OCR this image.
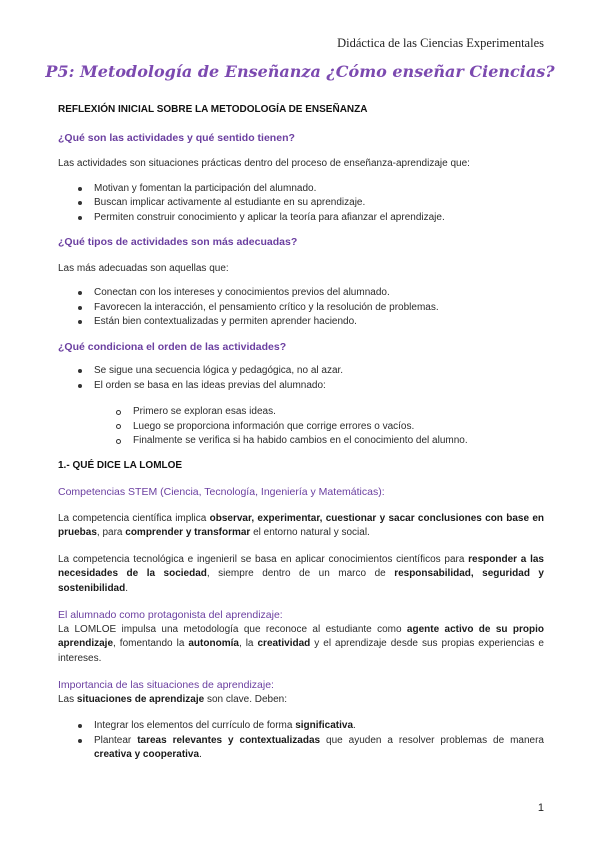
Didáctica de las Ciencias Experimentales
P5: Metodología de Enseñanza ¿Cómo enseñar Ciencias?

REFLEXIÓN INICIAL SOBRE LA METODOLOGÍA DE ENSEÑANZA

¿Qué son las actividades y qué sentido tienen?

Las actividades son situaciones prácticas dentro del proceso de enseñanza-aprendizaje que:

Motivan y fomentan la participación del alumnado.
Buscan implicar activamente al estudiante en su aprendizaje.
Permiten construir conocimiento y aplicar la teoría para afianzar el aprendizaje.

¿Qué tipos de actividades son más adecuadas?

Las más adecuadas son aquellas que:

Conectan con los intereses y conocimientos previos del alumnado.
Favorecen la interacción, el pensamiento crítico y la resolución de problemas.
Están bien contextualizadas y permiten aprender haciendo.

¿Qué condiciona el orden de las actividades?

Se sigue una secuencia lógica y pedagógica, no al azar.
El orden se basa en las ideas previas del alumnado:
Primero se exploran esas ideas.
Luego se proporciona información que corrige errores o vacíos.
Finalmente se verifica si ha habido cambios en el conocimiento del alumno.

1.- QUÉ DICE LA LOMLOE

Competencias STEM (Ciencia, Tecnología, Ingeniería y Matemáticas):

La competencia científica implica observar, experimentar, cuestionar y sacar conclusiones con base en pruebas, para comprender y transformar el entorno natural y social.

La competencia tecnológica e ingenieril se basa en aplicar conocimientos científicos para responder a las necesidades de la sociedad, siempre dentro de un marco de responsabilidad, seguridad y sostenibilidad.

El alumnado como protagonista del aprendizaje:

La LOMLOE impulsa una metodología que reconoce al estudiante como agente activo de su propio aprendizaje, fomentando la autonomía, la creatividad y el aprendizaje desde sus propias experiencias e intereses.

Importancia de las situaciones de aprendizaje:

Las situaciones de aprendizaje son clave. Deben:

Integrar los elementos del currículo de forma significativa.
Plantear tareas relevantes y contextualizadas que ayuden a resolver problemas de manera creativa y cooperativa.
1
